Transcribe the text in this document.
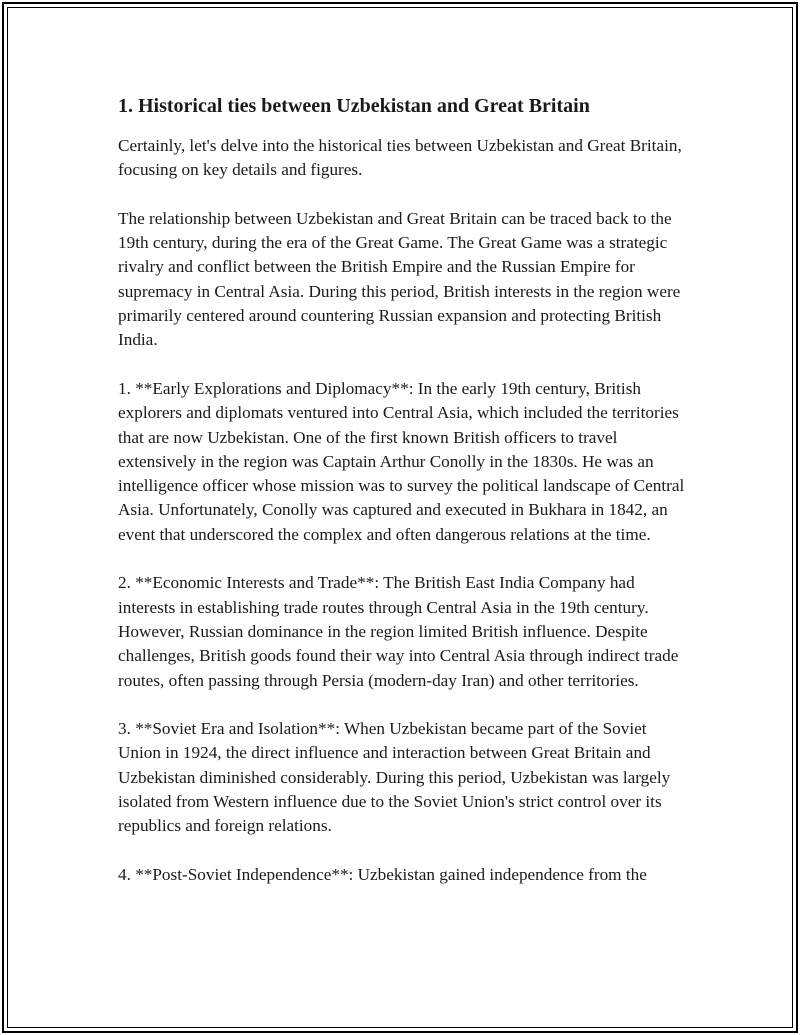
1. Historical ties between Uzbekistan and Great Britain

Certainly, let's delve into the historical ties between Uzbekistan and Great Britain, focusing on key details and figures.

The relationship between Uzbekistan and Great Britain can be traced back to the 19th century, during the era of the Great Game. The Great Game was a strategic rivalry and conflict between the British Empire and the Russian Empire for supremacy in Central Asia. During this period, British interests in the region were primarily centered around countering Russian expansion and protecting British India.

1. **Early Explorations and Diplomacy**: In the early 19th century, British explorers and diplomats ventured into Central Asia, which included the territories that are now Uzbekistan. One of the first known British officers to travel extensively in the region was Captain Arthur Conolly in the 1830s. He was an intelligence officer whose mission was to survey the political landscape of Central Asia. Unfortunately, Conolly was captured and executed in Bukhara in 1842, an event that underscored the complex and often dangerous relations at the time.

2. **Economic Interests and Trade**: The British East India Company had interests in establishing trade routes through Central Asia in the 19th century. However, Russian dominance in the region limited British influence. Despite challenges, British goods found their way into Central Asia through indirect trade routes, often passing through Persia (modern-day Iran) and other territories.

3. **Soviet Era and Isolation**: When Uzbekistan became part of the Soviet Union in 1924, the direct influence and interaction between Great Britain and Uzbekistan diminished considerably. During this period, Uzbekistan was largely isolated from Western influence due to the Soviet Union's strict control over its republics and foreign relations.

4. **Post-Soviet Independence**: Uzbekistan gained independence from the
